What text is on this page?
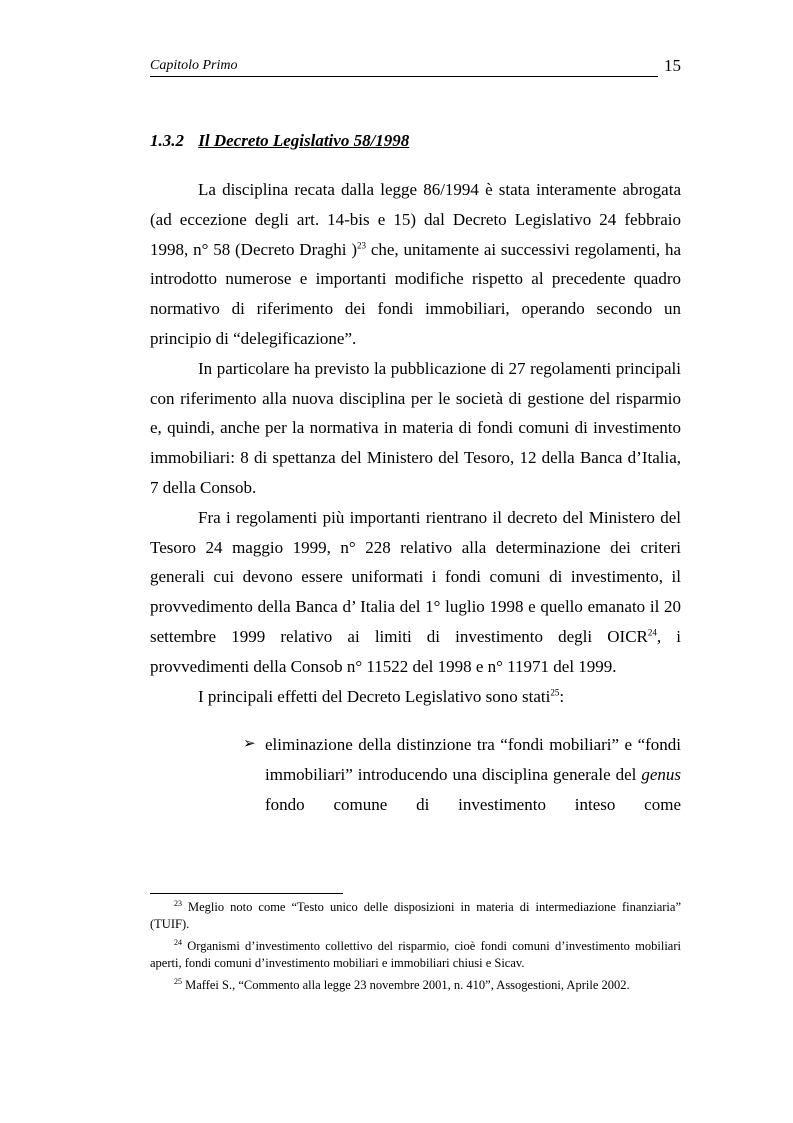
Capitolo Primo	15
1.3.2 Il Decreto Legislativo 58/1998

La disciplina recata dalla legge 86/1994 è stata interamente abrogata (ad eccezione degli art. 14-bis e 15) dal Decreto Legislativo 24 febbraio 1998, n° 58 (Decreto Draghi )$^{23}$ che, unitamente ai successivi regolamenti, ha introdotto numerose e importanti modifiche rispetto al precedente quadro normativo di riferimento dei fondi immobiliari, operando secondo un principio di “delegificazione”.

In particolare ha previsto la pubblicazione di 27 regolamenti principali con riferimento alla nuova disciplina per le società di gestione del risparmio e, quindi, anche per la normativa in materia di fondi comuni di investimento immobiliari: 8 di spettanza del Ministero del Tesoro, 12 della Banca d’Italia, 7 della Consob.

Fra i regolamenti più importanti rientrano il decreto del Ministero del Tesoro 24 maggio 1999, n° 228 relativo alla determinazione dei criteri generali cui devono essere uniformati i fondi comuni di investimento, il provvedimento della Banca d’ Italia del 1° luglio 1998 e quello emanato il 20 settembre 1999 relativo ai limiti di investimento degli OICR$^{24}$, i provvedimenti della Consob n° 11522 del 1998 e n° 11971 del 1999.

I principali effetti del Decreto Legislativo sono stati$^{25}$:

➢ eliminazione della distinzione tra “fondi mobiliari” e “fondi immobiliari” introducendo una disciplina generale del genus fondo comune di investimento inteso come

$^{23}$ Meglio noto come “Testo unico delle disposizioni in materia di intermediazione finanziaria” (TUIF).

$^{24}$ Organismi d’investimento collettivo del risparmio, cioè fondi comuni d’investimento mobiliari aperti, fondi comuni d’investimento mobiliari e immobiliari chiusi e Sicav.

$^{25}$ Maffei S., “Commento alla legge 23 novembre 2001, n. 410”, Assogestioni, Aprile 2002.
